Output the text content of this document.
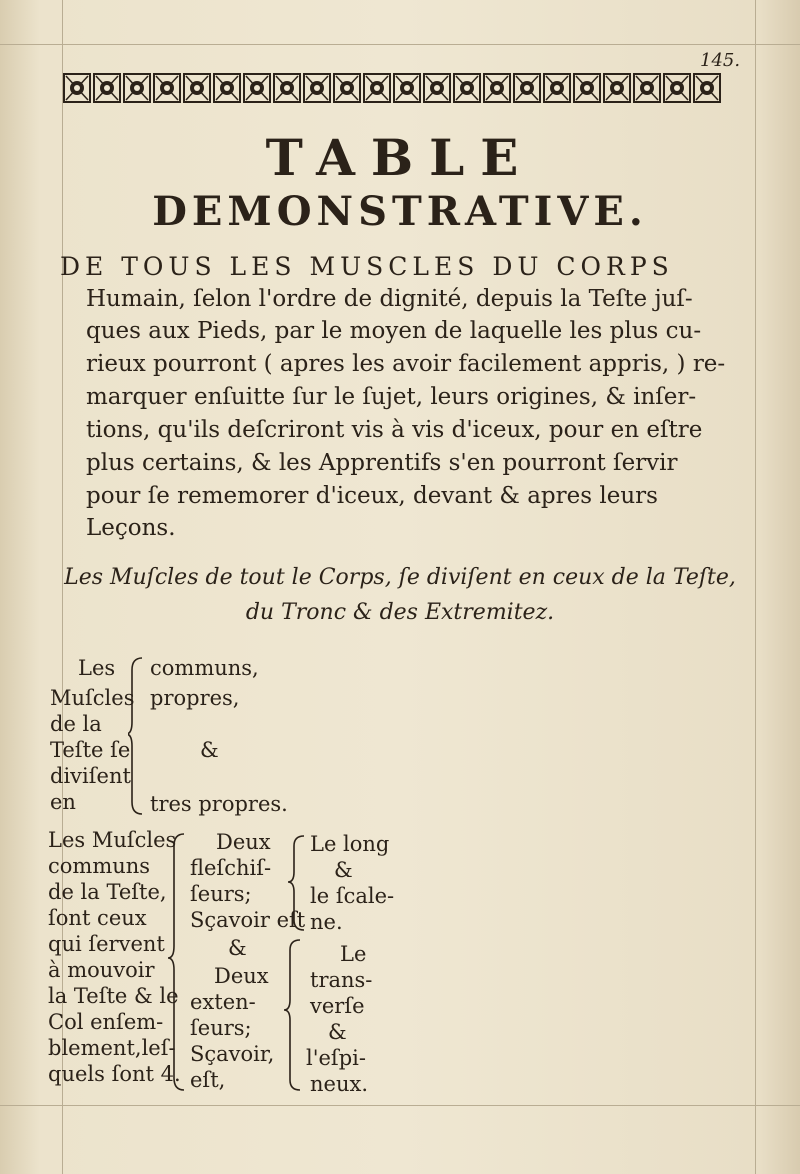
145.
TABLE
DEMONSTRATIVE.
DE TOUS LES MUSCLES DU CORPS
Humain, ſelon l'ordre de dignité, depuis la Teſte juſ-
ques aux Pieds, par le moyen de laquelle les plus cu-
rieux pourront ( apres les avoir facilement appris, ) re-
marquer enſuitte ſur le ſujet, leurs origines, & inſer-
tions, qu'ils deſcriront vis à vis d'iceux, pour en eſtre
plus certains, & les Apprentifs s'en pourront ſervir
pour ſe rememorer d'iceux, devant & apres leurs
Leçons.
Les Muſcles de tout le Corps, ſe diviſent en ceux de la Teſte,
du Tronc & des Extremitez.
Les
Muſcles
de la
Teſte ſe
diviſent
en
communs,
propres,
&
tres propres.
Les Muſcles
communs
de la Teſte,
ſont ceux
qui ſervent
à mouvoir
la Teſte & le
Col enſem-
blement,leſ-
quels ſont 4.
Deux
fleſchiſ-
ſeurs;
Sçavoir eſt
&
Deux
exten-
ſeurs;
Sçavoir,
eſt,
Le long
&
le ſcale-
ne.
Le
trans-
verſe
&
l'eſpi-
neux.
